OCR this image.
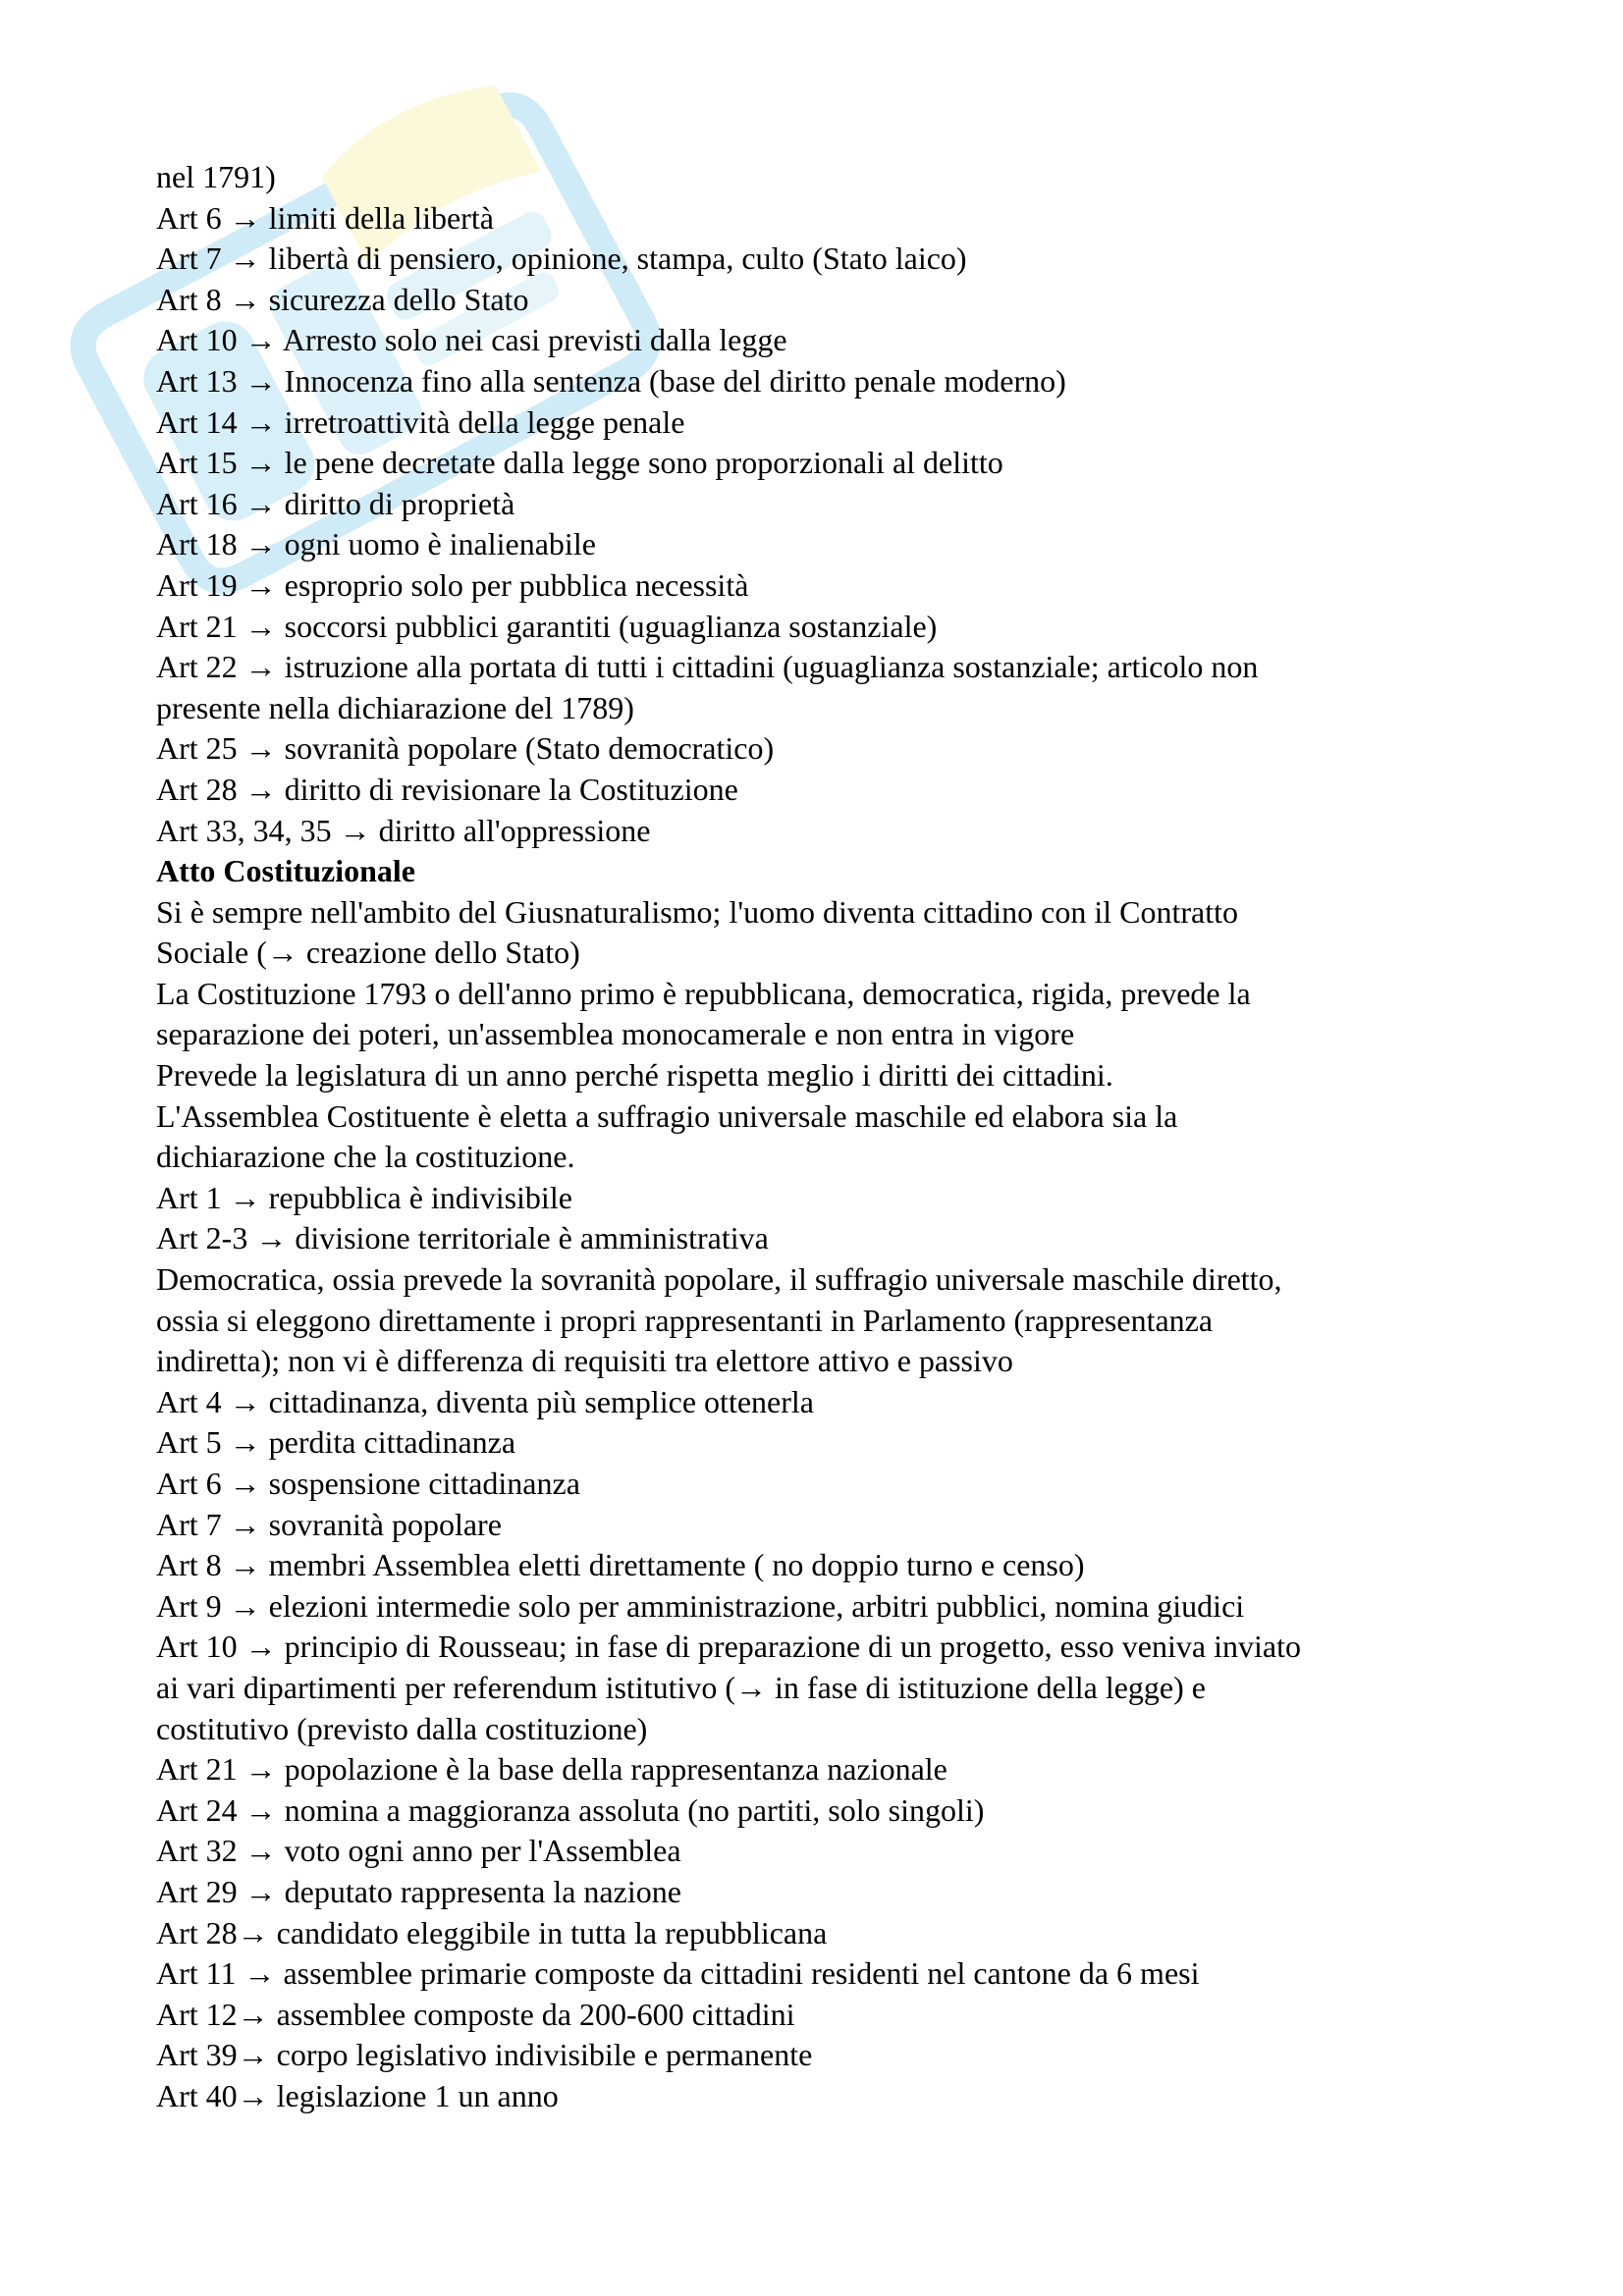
nel 1791)

Art 6 → limiti della libertà

Art 7 → libertà di pensiero, opinione, stampa, culto (Stato laico)

Art 8 → sicurezza dello Stato

Art 10 → Arresto solo nei casi previsti dalla legge

Art 13 → Innocenza fino alla sentenza (base del diritto penale moderno)

Art 14 → irretroattività della legge penale

Art 15 → le pene decretate dalla legge sono proporzionali al delitto

Art 16 → diritto di proprietà

Art 18 → ogni uomo è inalienabile

Art 19 → esproprio solo per pubblica necessità

Art 21 → soccorsi pubblici garantiti (uguaglianza sostanziale)

Art 22 → istruzione alla portata di tutti i cittadini (uguaglianza sostanziale; articolo non

presente nella dichiarazione del 1789)

Art 25 → sovranità popolare (Stato democratico)

Art 28 → diritto di revisionare la Costituzione

Art 33, 34, 35 → diritto all'oppressione

Atto Costituzionale

Si è sempre nell'ambito del Giusnaturalismo; l'uomo diventa cittadino con il Contratto

Sociale (→ creazione dello Stato)

La Costituzione 1793 o dell'anno primo è repubblicana, democratica, rigida, prevede la

separazione dei poteri, un'assemblea monocamerale e non entra in vigore

Prevede la legislatura di un anno perché rispetta meglio i diritti dei cittadini.

L'Assemblea Costituente è eletta a suffragio universale maschile ed elabora sia la

dichiarazione che la costituzione.

Art 1 → repubblica è indivisibile

Art 2-3 → divisione territoriale è amministrativa

Democratica, ossia prevede la sovranità popolare, il suffragio universale maschile diretto,

ossia si eleggono direttamente i propri rappresentanti in Parlamento (rappresentanza

indiretta); non vi è differenza di requisiti tra elettore attivo e passivo

Art 4 → cittadinanza, diventa più semplice ottenerla

Art 5 → perdita cittadinanza

Art 6 → sospensione cittadinanza

Art 7 → sovranità popolare

Art 8 → membri Assemblea eletti direttamente ( no doppio turno e censo)

Art 9 → elezioni intermedie solo per amministrazione, arbitri pubblici, nomina giudici

Art 10 → principio di Rousseau; in fase di preparazione di un progetto, esso veniva inviato

ai vari dipartimenti per referendum istitutivo (→ in fase di istituzione della legge) e

costitutivo (previsto dalla costituzione)

Art 21 → popolazione è la base della rappresentanza nazionale

Art 24 → nomina a maggioranza assoluta (no partiti, solo singoli)

Art 32 → voto ogni anno per l'Assemblea

Art 29 → deputato rappresenta la nazione

Art 28→ candidato eleggibile in tutta la repubblicana

Art 11 → assemblee primarie composte da cittadini residenti nel cantone da 6 mesi

Art 12→ assemblee composte da 200-600 cittadini

Art 39→ corpo legislativo indivisibile e permanente

Art 40→ legislazione 1 un anno
